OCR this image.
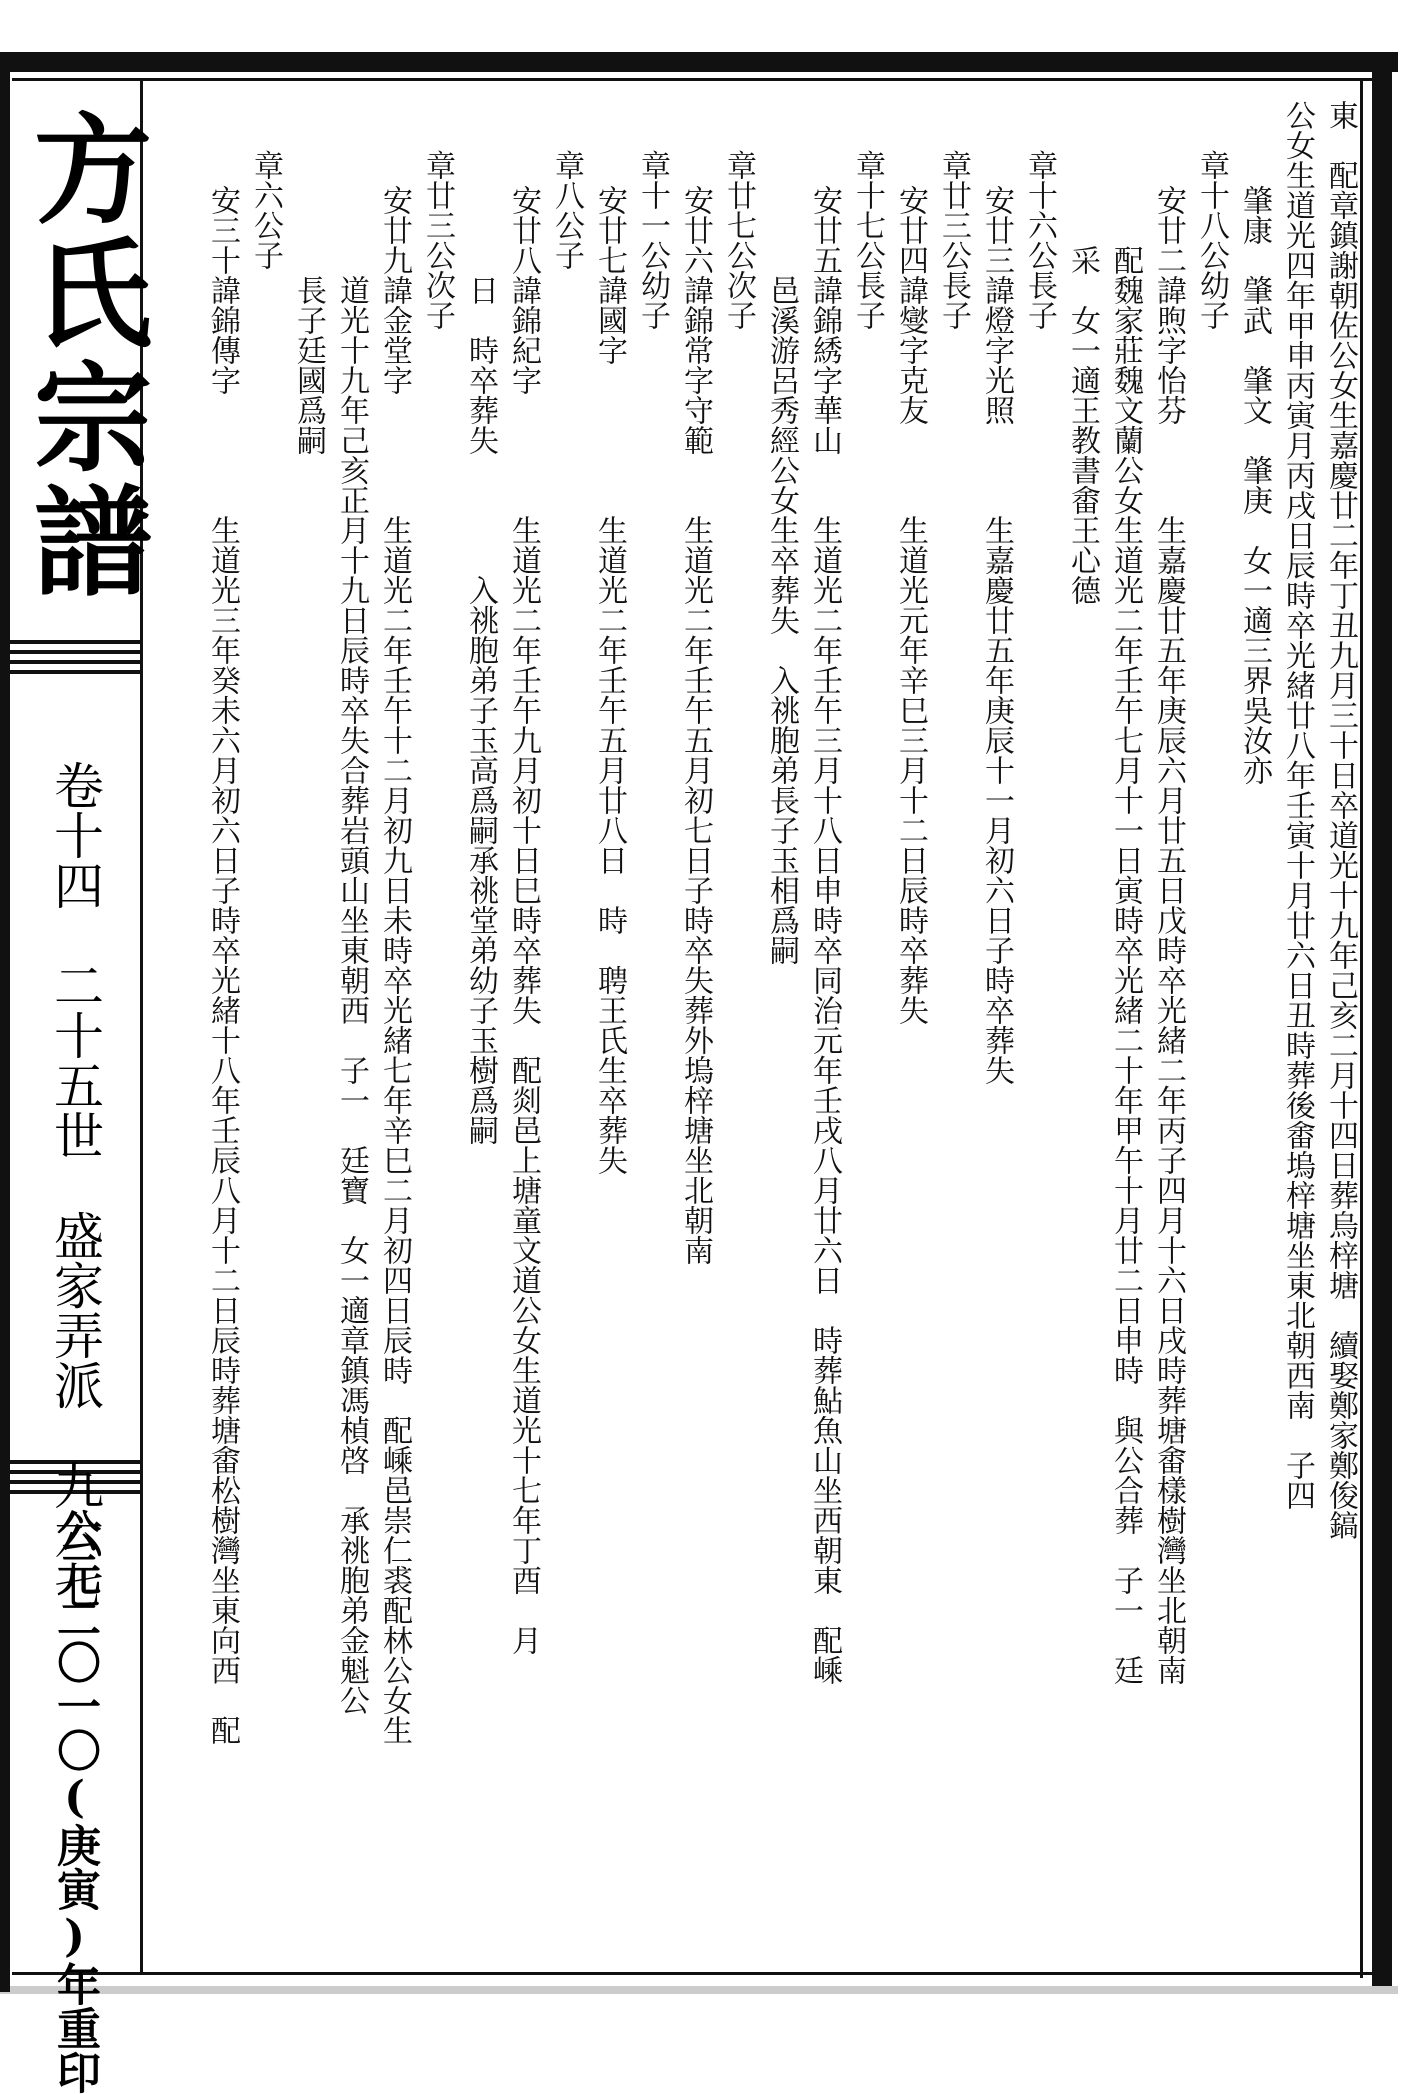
方氏宗譜
卷十四　二十五世　盛家弄派　九六七
公元二〇一〇(庚寅)年重印
東　配章鎮謝朝佐公女生嘉慶廿二年丁丑九月三十日卒道光十九年己亥二月十四日葬烏梓塘　續娶鄭家鄭俊鎬
公女生道光四年甲申丙寅月丙戌日辰時卒光緒廿八年壬寅十月廿六日丑時葬後畬塢梓塘坐東北朝西南　子四
肇康　肇武　肇文　肇庚　女一適三界吳汝亦
章十八公幼子
安廿二諱煦字怡芬　　　生嘉慶廿五年庚辰六月廿五日戊時卒光緒二年丙子四月十六日戌時葬塘畬樣樹灣坐北朝南
配魏家莊魏文蘭公女生道光二年壬午七月十一日寅時卒光緒二十年甲午十月廿二日申時　與公合葬　子一　廷
采　女一適王教書畬王心德
章十六公長子
安廿三諱燈字光照　　　生嘉慶廿五年庚辰十一月初六日子時卒葬失
章廿三公長子
安廿四諱燮字克友　　　生道光元年辛巳三月十二日辰時卒葬失
章十七公長子
安廿五諱錦綉字華山　　生道光二年壬午三月十八日申時卒同治元年壬戌八月廿六日　時葬鮎魚山坐西朝東　配嵊
　邑溪游呂秀經公女生卒葬失　入祧胞弟長子玉相爲嗣
章廿七公次子
安廿六諱錦常字守範　　生道光二年壬午五月初七日子時卒失葬外塢梓塘坐北朝南
章十一公幼子
安廿七諱國字　　　　　生道光二年壬午五月廿八日　時　聘王氏生卒葬失
章八公子
安廿八諱錦紀字　　　　生道光二年壬午九月初十日巳時卒葬失　配剡邑上塘童文道公女生道光十七年丁酉　月
　日　時卒葬失　　　　入祧胞弟子玉高爲嗣承祧堂弟幼子玉樹爲嗣
章廿三公次子
安廿九諱金堂字　　　　生道光二年壬午十二月初九日未時卒光緒七年辛巳二月初四日辰時　配嵊邑崇仁裘配林公女生
　道光十九年己亥正月十九日辰時卒失合葬岩頭山坐東朝西　子一　廷寶　女一適章鎮馮楨啓　承祧胞弟金魁公
　長子廷國爲嗣
章六公子
安三十諱錦傳字　　　　生道光三年癸未六月初六日子時卒光緒十八年壬辰八月十二日辰時葬塘畬松樹灣坐東向西　配
